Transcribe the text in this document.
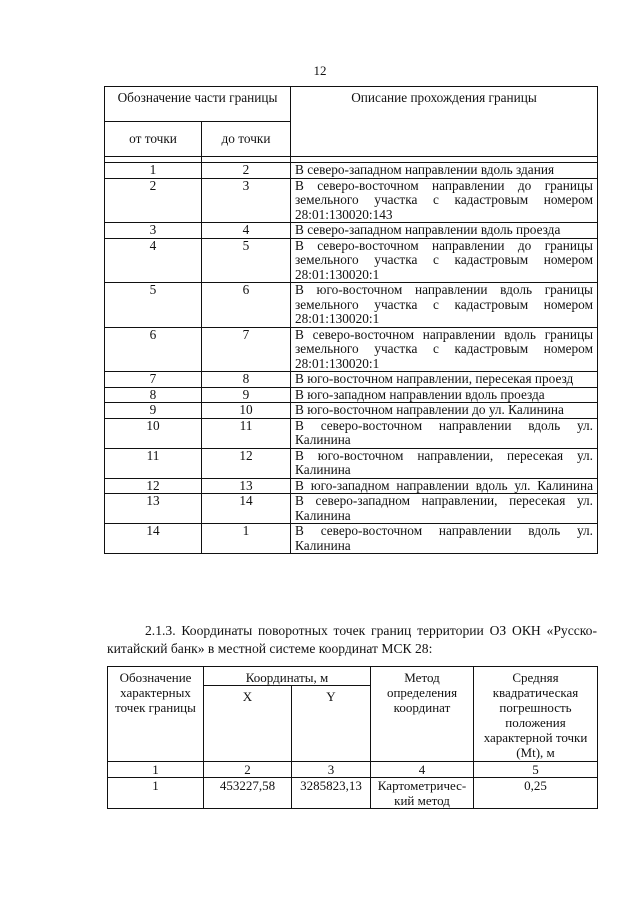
12
Обозначение части границы		Описание прохождения границы
от точки	до точки	

1	2	В северо-западном направлении вдоль здания
2	3	В северо-восточном направлении до границы земельного участка с кадастровым номером 28:01:130020:143
3	4	В северо-западном направлении вдоль проезда
4	5	В северо-восточном направлении до границы земельного участка с кадастровым номером 28:01:130020:1
5	6	В юго-восточном направлении вдоль границы земельного участка с кадастровым номером 28:01:130020:1
6	7	В северо-восточном направлении вдоль границы земельного участка с кадастровым номером 28:01:130020:1
7	8	В юго-восточном направлении, пересекая проезд
8	9	В юго-западном направлении вдоль проезда
9	10	В юго-восточном направлении до ул. Калинина
10	11	В северо-восточном направлении вдоль ул. Калинина
11	12	В юго-восточном направлении, пересекая ул. Калинина
12	13	В юго-западном направлении вдоль ул. Калинина
13	14	В северо-западном направлении, пересекая ул. Калинина
14	1	В северо-восточном направлении вдоль ул. Калинина
2.1.3. Координаты поворотных точек границ территории ОЗ ОКН «Русско-китайский банк» в местной системе координат МСК 28:
Обозначение характерных точек границы	Координаты, м		Метод определения координат	Средняя квадратическая погрешность положения характерной точки (Mt), м
	X	Y		
1	2	3	4	5
1	453227,58	3285823,13	Картометричес-кий метод	0,25
